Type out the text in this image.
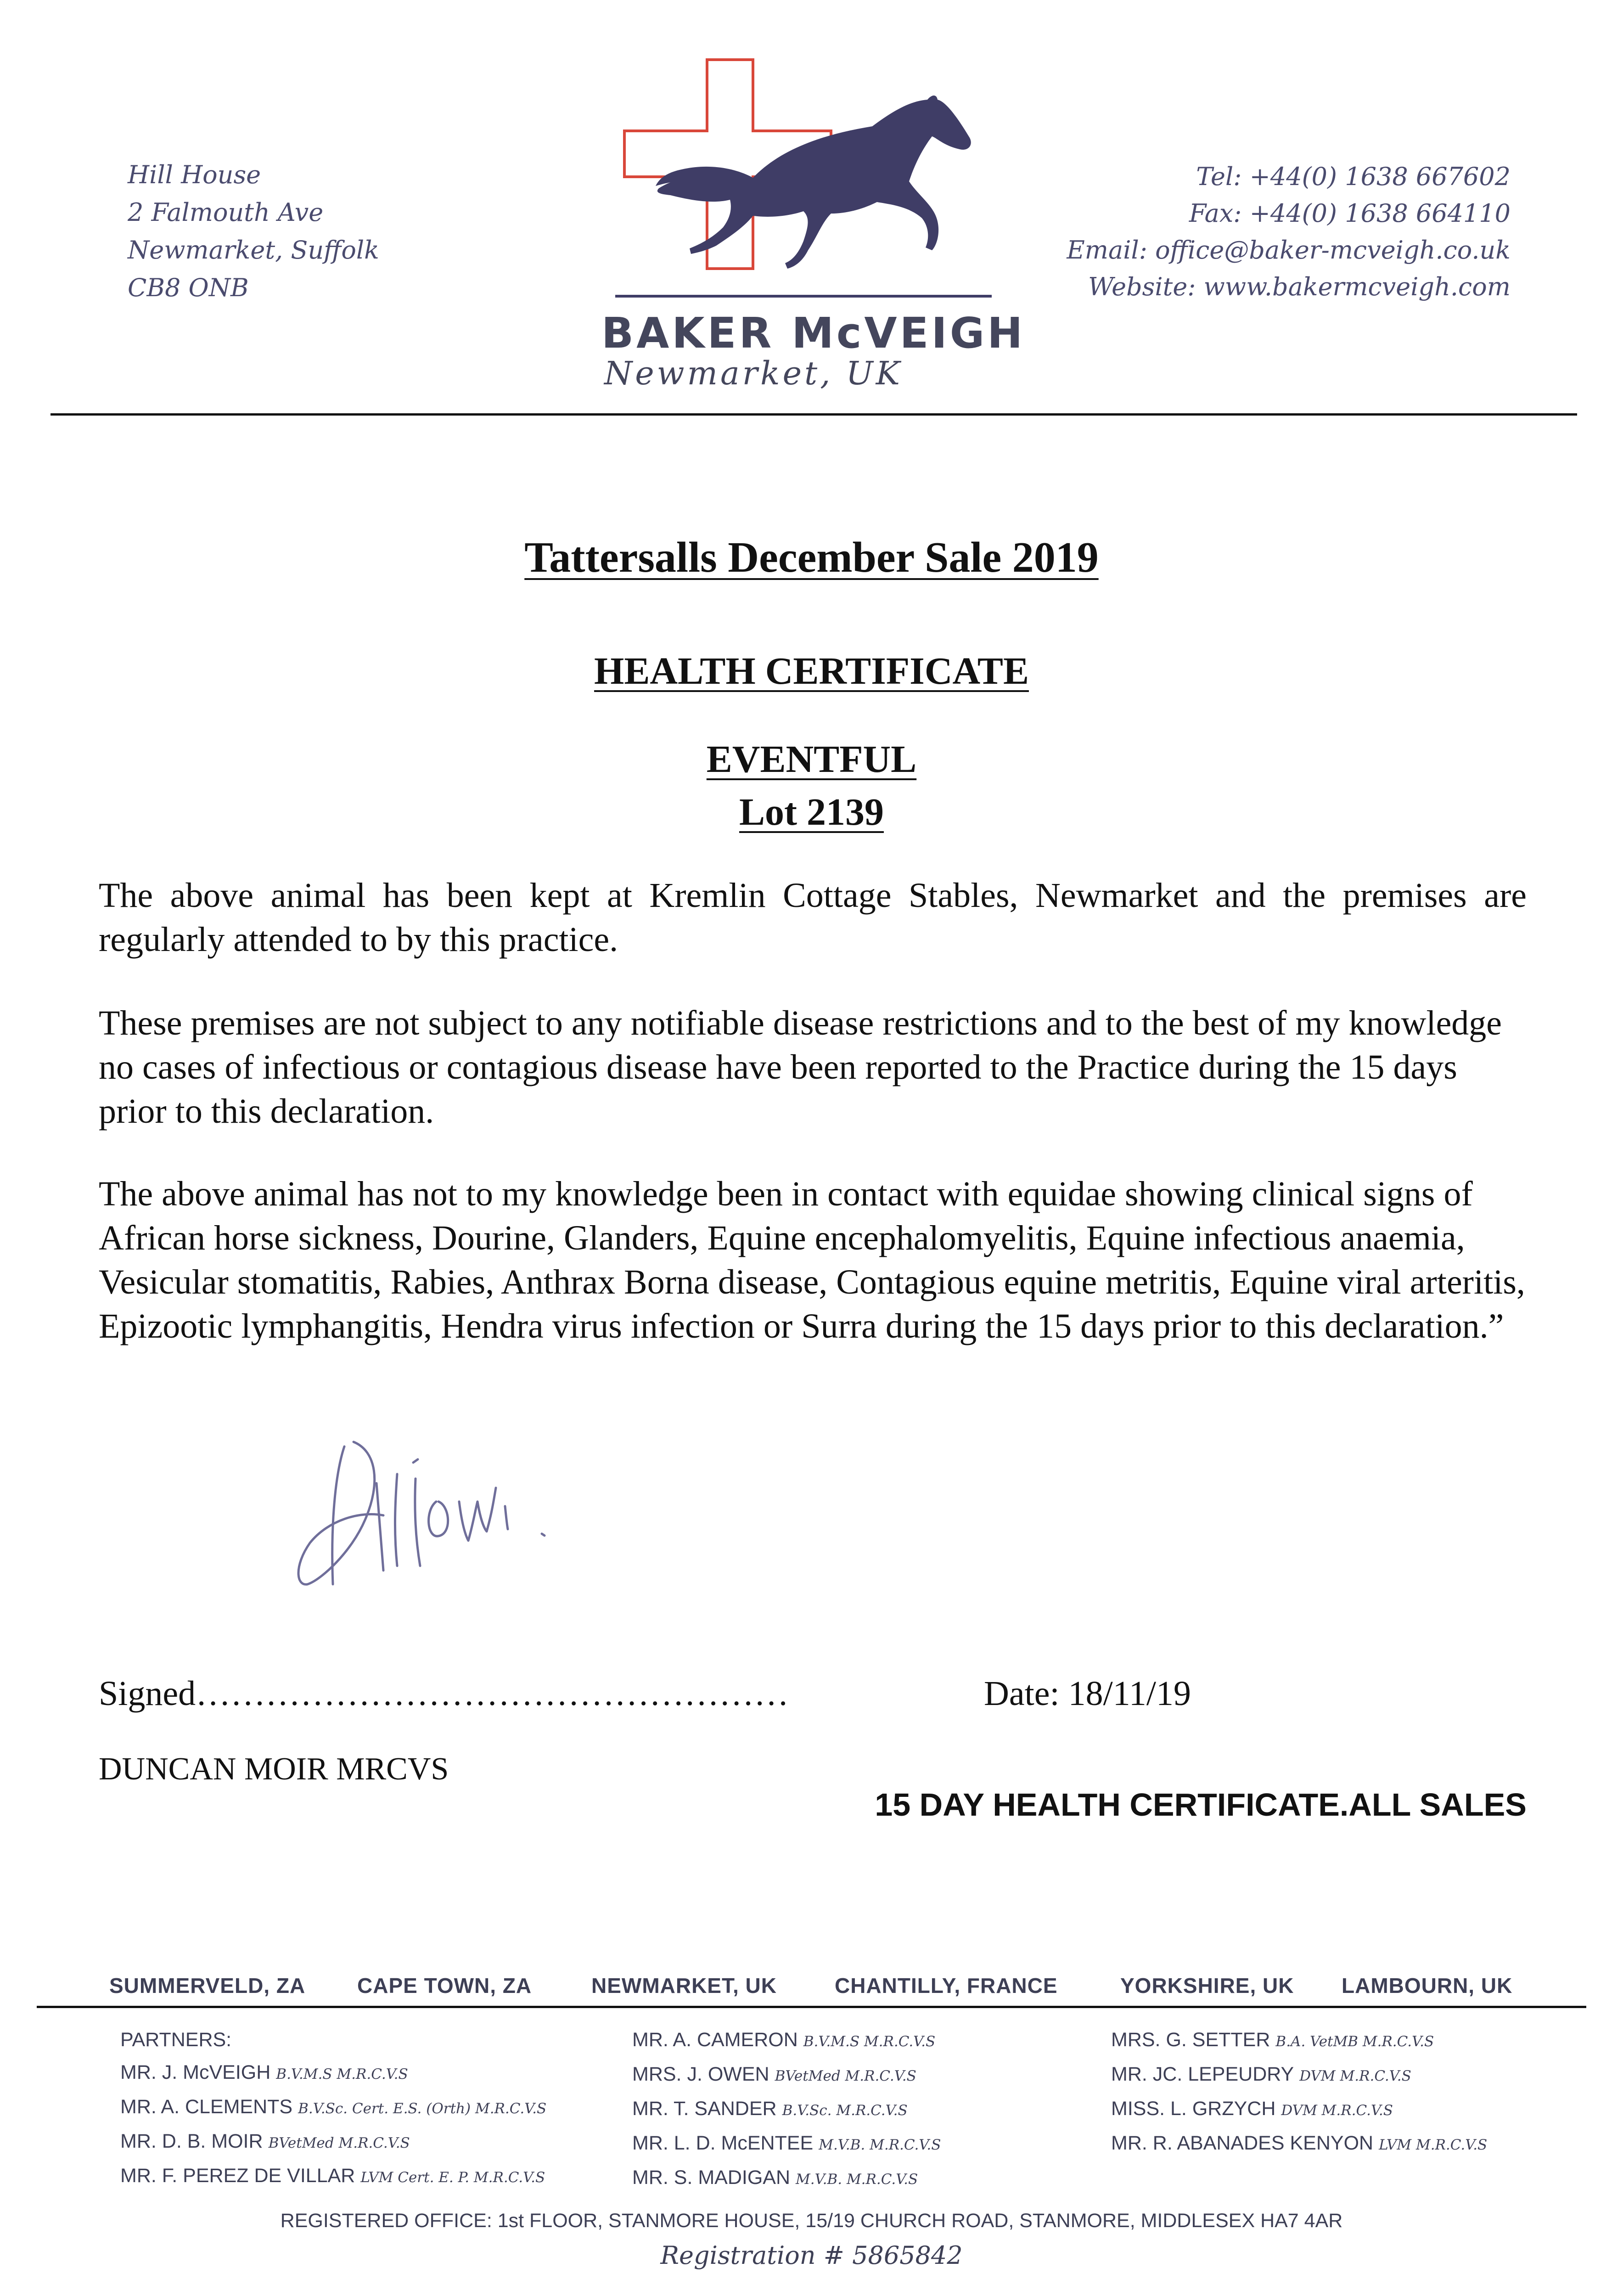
Hill House
2 Falmouth Ave
Newmarket, Suffolk
CB8 ONB
BAKER McVEIGH
Newmarket, UK
Tel: +44(0) 1638 667602
Fax: +44(0) 1638 664110
Email: office@baker-mcveigh.co.uk
Website: www.bakermcveigh.com
Tattersalls December Sale 2019
HEALTH CERTIFICATE
EVENTFUL
Lot 2139
The above animal has been kept at Kremlin Cottage Stables, Newmarket and the premises are regularly attended to by this practice.
These premises are not subject to any notifiable disease restrictions and to the best of my knowledge no cases of infectious or contagious disease have been reported to the Practice during the 15 days prior to this declaration.
The above animal has not to my knowledge been in contact with equidae showing clinical signs of African horse sickness, Dourine, Glanders, Equine encephalomyelitis, Equine infectious anaemia, Vesicular stomatitis, Rabies, Anthrax Borna disease, Contagious equine metritis, Equine viral arteritis, Epizootic lymphangitis, Hendra virus infection or Surra during the 15 days prior to this declaration.”
Signed……………………………………………	Date: 18/11/19
DUNCAN MOIR MRCVS
15 DAY HEALTH CERTIFICATE.ALL SALES
SUMMERVELD, ZA CAPE TOWN, ZA	NEWMARKET, UK	CHANTILLY, FRANCE	YORKSHIRE, UK LAMBOURN, UK
PARTNERS:
MR. J. McVEIGH B.V.M.S M.R.C.V.S
MR. A. CLEMENTS B.V.Sc. Cert. E.S. (Orth) M.R.C.V.S
MR. D. B. MOIR BVetMed M.R.C.V.S
MR. F. PEREZ DE VILLAR LVM Cert. E. P. M.R.C.V.S
MR. A. CAMERON B.V.M.S M.R.C.V.S
MRS. J. OWEN BVetMed M.R.C.V.S
MR. T. SANDER B.V.Sc. M.R.C.V.S
MR. L. D. McENTEE M.V.B. M.R.C.V.S
MR. S. MADIGAN M.V.B. M.R.C.V.S
MRS. G. SETTER B.A. VetMB M.R.C.V.S
MR. JC. LEPEUDRY DVM M.R.C.V.S
MISS. L. GRZYCH DVM M.R.C.V.S
MR. R. ABANADES KENYON LVM M.R.C.V.S
REGISTERED OFFICE: 1st FLOOR, STANMORE HOUSE, 15/19 CHURCH ROAD, STANMORE, MIDDLESEX HA7 4AR
Registration # 5865842
